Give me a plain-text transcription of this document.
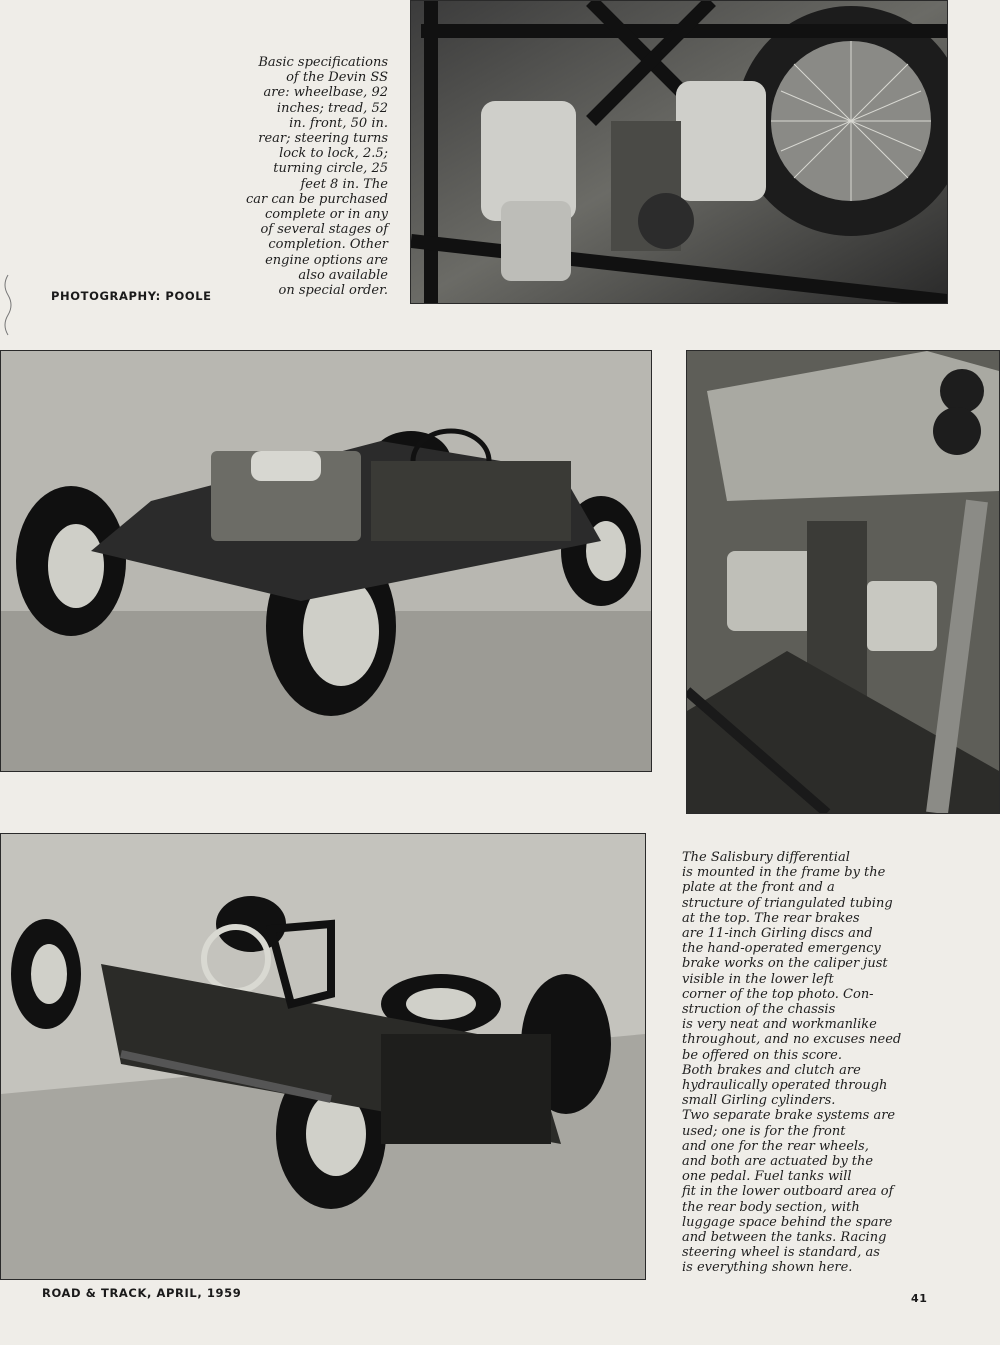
Basic specifications
of the Devin SS
are: wheelbase, 92
inches; tread, 52
in. front, 50 in.
rear; steering turns
lock to lock, 2.5;
turning circle, 25
feet 8 in. The
car can be purchased
complete or in any
of several stages of
completion. Other
engine options are
also available
on special order.
PHOTOGRAPHY: POOLE
The Salisbury differential
is mounted in the frame by the
plate at the front and a
structure of triangulated tubing
at the top. The rear brakes
are 11-inch Girling discs and
the hand-operated emergency
brake works on the caliper just
visible in the lower left
corner of the top photo. Con-
struction of the chassis
is very neat and workmanlike
throughout, and no excuses need
be offered on this score.
Both brakes and clutch are
hydraulically operated through
small Girling cylinders.
Two separate brake systems are
used; one is for the front
and one for the rear wheels,
and both are actuated by the
one pedal. Fuel tanks will
fit in the lower outboard area of
the rear body section, with
luggage space behind the spare
and between the tanks. Racing
steering wheel is standard, as
is everything shown here.
ROAD & TRACK, APRIL, 1959	41
